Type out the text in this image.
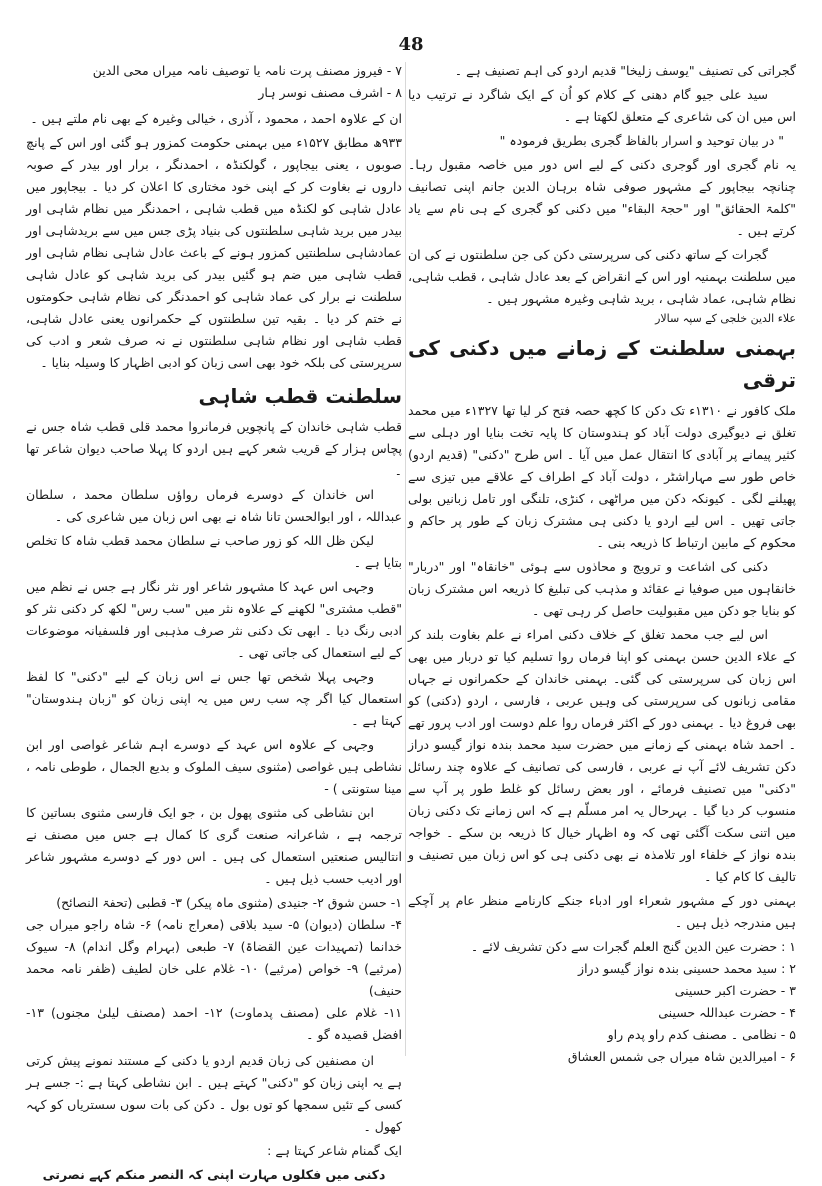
48

گجراتی کی تصنیف "یوسف زلیخا" قدیم اردو کی اہم تصنیف ہے ۔

سید علی جیو گام دھنی کے کلام کو اُن کے ایک شاگرد نے ترتیب دیا اس میں ان کی شاعری کے متعلق لکھتا ہے ۔

" در بیان توحید و اسرار بالفاظ گجری بطریق فرمودہ "

یہ نام گجری اور گوجری دکنی کے لیے اس دور میں خاصہ مقبول رہا۔ چنانچہ بیجاپور کے مشہور صوفی شاہ برہان الدین جانم اپنی تصانیف "کلمۃ الحقائق" اور "حجۃ البقاء" میں دکنی کو گجری کے ہی نام سے یاد کرتے ہیں ۔

گجرات کے ساتھ دکنی کی سرپرستی دکن کی جن سلطنتوں نے کی ان میں سلطنت بہمنیہ اور اس کے انقراض کے بعد عادل شاہی ، قطب شاہی، نظام شاہی، عماد شاہی ، برید شاہی وغیرہ مشہور ہیں ۔

علاء الدین خلجی کے سپہ سالار
بہمنی سلطنت کے زمانے میں دکنی کی ترقی

ملک کافور نے ۱۳۱۰ء تک دکن کا کچھ حصہ فتح کر لیا تھا ۱۳۲۷ء میں محمد تغلق نے دیوگیری دولت آباد کو ہندوستان کا پایہ تخت بنایا اور دہلی سے کثیر پیمانے پر آبادی کا انتقال عمل میں آیا ۔ اس طرح "دکنی" (قدیم اردو) خاص طور سے مہاراشٹر ، دولت آباد کے اطراف کے علاقے میں تیزی سے پھیلنے لگی ۔ کیونکہ دکن میں مراٹھی ، کنڑی، تلنگی اور تامل زبانیں بولی جاتی تھیں ۔ اس لیے اردو یا دکنی ہی مشترک زبان کے طور پر حاکم و محکوم کے مابین ارتباط کا ذریعہ بنی ۔

دکنی کی اشاعت و ترویج و محاذوں سے ہوئی "خانقاہ" اور "دربار" خانقاہوں میں صوفیا نے عقائد و مذہب کی تبلیغ کا ذریعہ اس مشترک زبان کو بنایا جو دکن میں مقبولیت حاصل کر رہی تھی ۔

اس لیے جب محمد تغلق کے خلاف دکنی امراء نے علم بغاوت بلند کر کے علاء الدین حسن بہمنی کو اپنا فرماں روا تسلیم کیا تو دربار میں بھی اس زبان کی سرپرستی کی گئی۔ بہمنی خاندان کے حکمرانوں نے جہاں مقامی زبانوں کی سرپرستی کی وہیں عربی ، فارسی ، اردو (دکنی) کو بھی فروغ دیا ۔ بہمنی دور کے اکثر فرماں روا علم دوست اور ادب پرور تھے ۔ احمد شاہ بہمنی کے زمانے میں حضرت سید محمد بندہ نواز گیسو دراز دکن تشریف لائے آپ نے عربی ، فارسی کی تصانیف کے علاوہ چند رسائل "دکنی" میں تصنیف فرمائے ، اور بعض رسائل کو غلط طور پر آپ سے منسوب کر دیا گیا ۔ بہرحال یہ امر مسلّم ہے کہ اس زمانے تک دکنی زبان میں اتنی سکت آگئی تھی کہ وہ اظہار خیال کا ذریعہ بن سکے ۔ خواجہ بندہ نواز کے خلفاء اور تلامذہ نے بھی دکنی ہی کو اس زبان میں تصنیف و تالیف کا کام کیا ۔

بہمنی دور کے مشہور شعراء اور ادباء جنکے کارنامے منظر عام پر آچکے ہیں مندرجہ ذیل ہیں ۔

۱ : حضرت عین الدین گنج العلم گجرات سے دکن تشریف لائے ۔
۲ : سید محمد حسینی بندہ نواز گیسو دراز
۳ - حضرت اکبر حسینی
۴ - حضرت عبداللہ حسینی
۵ - نظامی ۔ مصنف کدم راو پدم راو
۶ - امیرالدین شاہ میراں جی شمس العشاق
۷ - فیروز مصنف پرت نامہ یا توصیف نامہ میراں محی الدین
۸ - اشرف مصنف نوسر ہار

ان کے علاوہ احمد ، محمود ، آذری ، خیالی وغیرہ کے بھی نام ملتے ہیں ۔

۹۳۳ھ مطابق ۱۵۲۷ء میں بہمنی حکومت کمزور ہو گئی اور اس کے پانچ صوبوں ، یعنی بیجاپور ، گولکنڈہ ، احمدنگر ، برار اور بیدر کے صوبہ داروں نے بغاوت کر کے اپنی خود مختاری کا اعلان کر دیا ۔ بیجاپور میں عادل شاہی کو لکنڈہ میں قطب شاہی ، احمدنگر میں نظام شاہی اور بیدر میں برید شاہی سلطنتوں کی بنیاد پڑی جس میں سے بریدشاہی اور عمادشاہی سلطنتیں کمزور ہونے کے باعث عادل شاہی نظام شاہی اور قطب شاہی میں ضم ہو گئیں بیدر کی برید شاہی کو عادل شاہی سلطنت نے برار کی عماد شاہی کو احمدنگر کی نظام شاہی حکومتوں نے ختم کر دیا ۔ بقیہ تین سلطنتوں کے حکمرانوں یعنی عادل شاہی، قطب شاہی اور نظام شاہی سلطنتوں نے نہ صرف شعر و ادب کی سرپرستی کی بلکہ خود بھی اسی زبان کو ادبی اظہار کا وسیلہ بنایا ۔

سلطنت قطب شاہی

قطب شاہی خاندان کے پانچویں فرمانروا محمد قلی قطب شاہ جس نے پچاس ہزار کے قریب شعر کہے ہیں اردو کا پہلا صاحب دیوان شاعر تھا ۔

اس خاندان کے دوسرے فرماں رواؤں سلطان محمد ، سلطان عبداللہ ، اور ابوالحسن تانا شاہ نے بھی اس زبان میں شاعری کی ۔

لیکن ظل اللہ کو زور صاحب نے سلطان محمد قطب شاہ کا تخلص بتایا ہے ۔

وجہی اس عہد کا مشہور شاعر اور نثر نگار ہے جس نے نظم میں "قطب مشتری" لکھنے کے علاوہ نثر میں "سب رس" لکھ کر دکنی نثر کو ادبی رنگ دیا ۔ ابھی تک دکنی نثر صرف مذہبی اور فلسفیانہ موضوعات کے لیے استعمال کی جاتی تھی ۔

وجہی پہلا شخص تھا جس نے اس زبان کے لیے "دکنی" کا لفظ استعمال کیا اگر چہ سب رس میں یہ اپنی زبان کو "زبان ہندوستان" کہتا ہے ۔

وجہی کے علاوہ اس عہد کے دوسرے اہم شاعر غواصی اور ابن نشاطی ہیں غواصی (مثنوی سیف الملوک و بدیع الجمال ، طوطی نامہ ، مینا ستونتی ) -

ابن نشاطی کی مثنوی پھول بن ، جو ایک فارسی مثنوی بساتین کا ترجمہ ہے ، شاعرانہ صنعت گری کا کمال ہے جس میں مصنف نے انتالیس صنعتیں استعمال کی ہیں ۔ اس دور کے دوسرے مشہور شاعر اور ادیب حسب ذیل ہیں ۔

۱- حسن شوق ۲- جنیدی (مثنوی ماہ پیکر) ۳- قطبی (تحفۃ النصائح)
۴- سلطان (دیوان) ۵- سید بلاقی (معراج نامہ) ۶- شاہ راجو میراں جی خدانما (تمہیدات عین القضاۃ) ۷- طبعی (بہرام وگل اندام) ۸- سیوک (مرثیے) ۹- خواص (مرثیے) ۱۰- غلام علی خان لطیف (ظفر نامہ محمد حنیف)
۱۱- غلام علی (مصنف پدماوت) ۱۲- احمد (مصنف لیلیٰ مجنوں) ۱۳- افضل قصیدہ گو ۔

ان مصنفین کی زبان قدیم اردو یا دکنی کے مستند نمونے پیش کرتی ہے یہ اپنی زبان کو "دکنی" کہتے ہیں ۔ ابن نشاطی کہتا ہے :- جسے ہر کسی کے تئیں سمجھا کو توں بول ۔ دکن کی بات سوں سستریاں کو کہہ کھول ۔

ایک گمنام شاعر کہتا ہے :

دکنی میں فکلوں مہارت اپنی کہ النصر منکم کہے نصرتی
